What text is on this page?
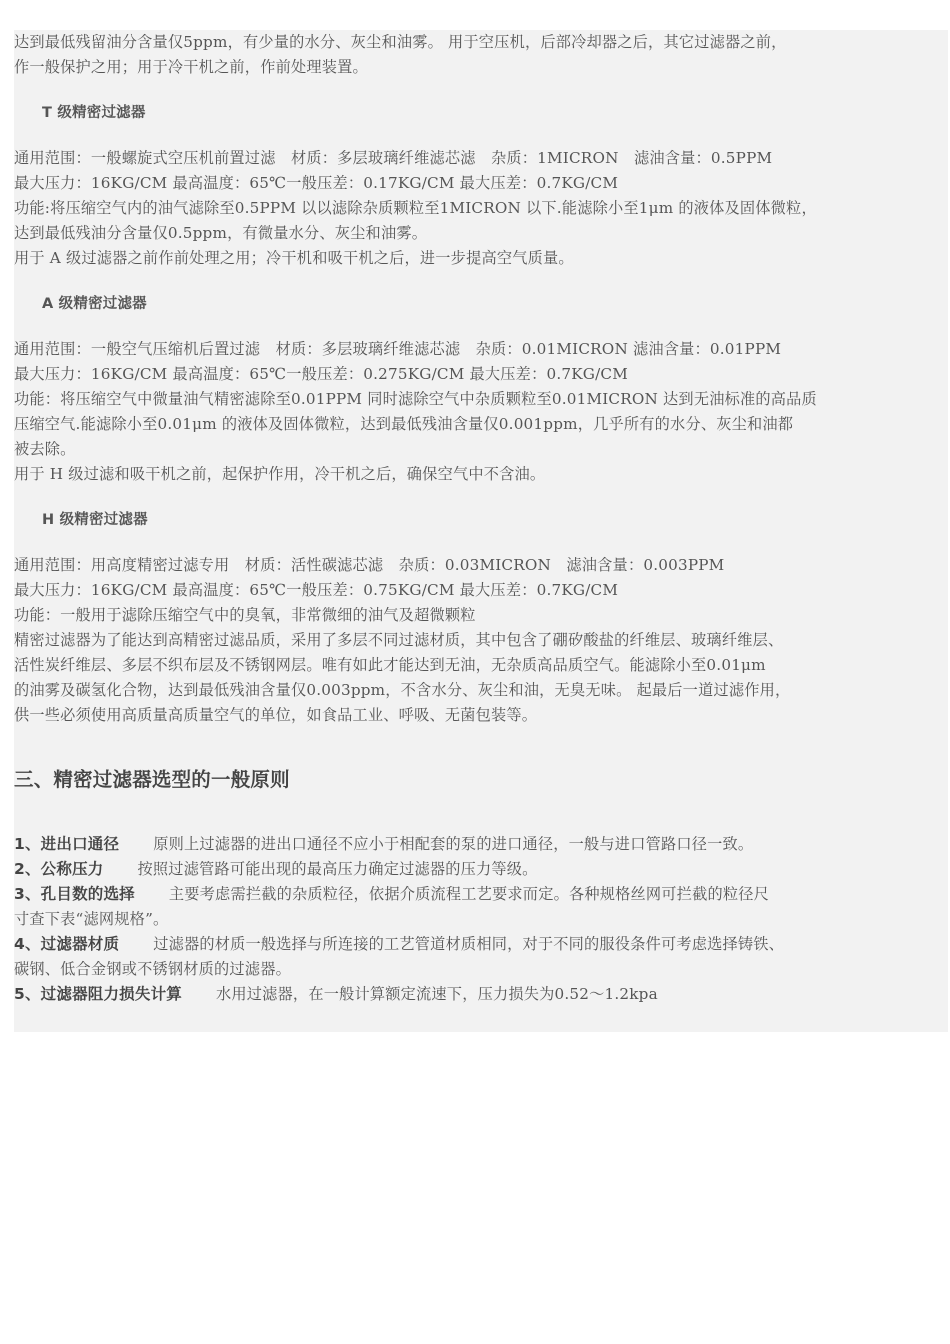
达到最低残留油分含量仅5ppm，有少量的水分、灰尘和油雾。 用于空压机，后部冷却器之后，其它过滤器之前，
作一般保护之用；用于冷干机之前，作前处理装置。
T 级精密过滤器
通用范围：一般螺旋式空压机前置过滤　材质：多层玻璃纤维滤芯滤　杂质：1MICRON　滤油含量：0.5PPM
最大压力：16KG/CM 最高温度：65℃一般压差：0.17KG/CM 最大压差：0.7KG/CM
功能:将压缩空气内的油气滤除至0.5PPM 以以滤除杂质颗粒至1MICRON 以下.能滤除小至1μm 的液体及固体微粒，
达到最低残油分含量仅0.5ppm，有微量水分、灰尘和油雾。
用于 A 级过滤器之前作前处理之用；冷干机和吸干机之后，进一步提高空气质量。
A 级精密过滤器
通用范围：一般空气压缩机后置过滤　材质：多层玻璃纤维滤芯滤　杂质：0.01MICRON 滤油含量：0.01PPM
最大压力：16KG/CM 最高温度：65℃一般压差：0.275KG/CM 最大压差：0.7KG/CM
功能：将压缩空气中微量油气精密滤除至0.01PPM 同时滤除空气中杂质颗粒至0.01MICRON 达到无油标准的高品质
压缩空气.能滤除小至0.01μm 的液体及固体微粒，达到最低残油含量仅0.001ppm，几乎所有的水分、灰尘和油都
被去除。
用于 H 级过滤和吸干机之前，起保护作用，冷干机之后，确保空气中不含油。
H 级精密过滤器
通用范围：用高度精密过滤专用　材质：活性碳滤芯滤　杂质：0.03MICRON　滤油含量：0.003PPM
最大压力：16KG/CM 最高温度：65℃一般压差：0.75KG/CM 最大压差：0.7KG/CM
功能：一般用于滤除压缩空气中的臭氧，非常微细的油气及超微颗粒
精密过滤器为了能达到高精密过滤品质，采用了多层不同过滤材质，其中包含了硼矽酸盐的纤维层、玻璃纤维层、
活性炭纤维层、多层不织布层及不锈钢网层。唯有如此才能达到无油，无杂质高品质空气。能滤除小至0.01μm
的油雾及碳氢化合物，达到最低残油含量仅0.003ppm，不含水分、灰尘和油，无臭无味。 起最后一道过滤作用，
供一些必须使用高质量高质量空气的单位，如食品工业、呼吸、无菌包装等。
三、精密过滤器选型的一般原则
1、进出口通径 原则上过滤器的进出口通径不应小于相配套的泵的进口通径，一般与进口管路口径一致。
2、公称压力 按照过滤管路可能出现的最高压力确定过滤器的压力等级。
3、孔目数的选择 主要考虑需拦截的杂质粒径，依据介质流程工艺要求而定。各种规格丝网可拦截的粒径尺
寸查下表“滤网规格”。
4、过滤器材质 过滤器的材质一般选择与所连接的工艺管道材质相同，对于不同的服役条件可考虑选择铸铁、
碳钢、低合金钢或不锈钢材质的过滤器。
5、过滤器阻力损失计算 水用过滤器，在一般计算额定流速下，压力损失为0.52～1.2kpa
